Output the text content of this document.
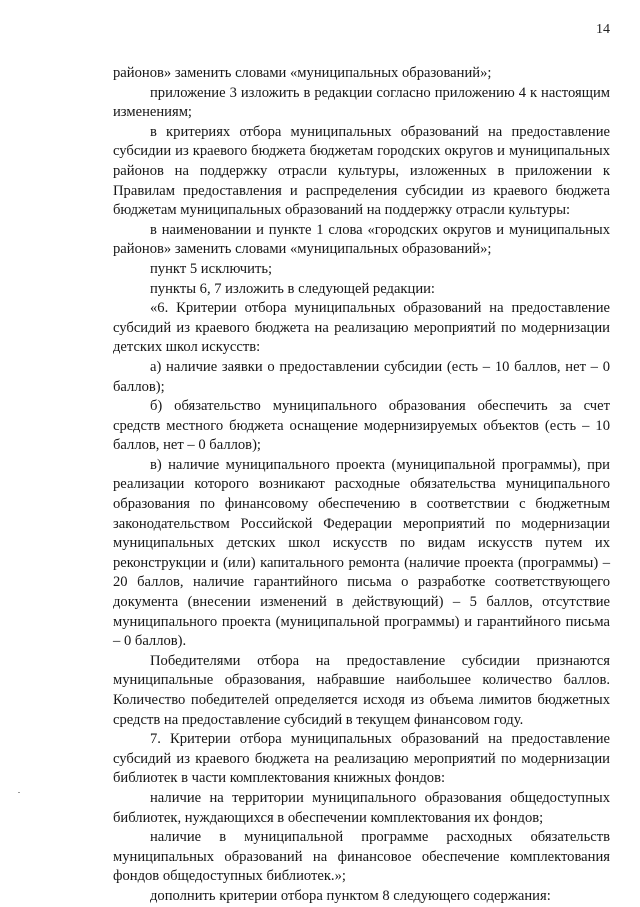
14

районов» заменить словами «муниципальных образований»;

приложение 3 изложить в редакции согласно приложению 4 к настоящим изменениям;

в критериях отбора муниципальных образований на предоставление субсидии из краевого бюджета бюджетам городских округов и муниципальных районов на поддержку отрасли культуры, изложенных в приложении к Правилам предоставления и распределения субсидии из краевого бюджета бюджетам муниципальных образований на поддержку отрасли культуры:

в наименовании и пункте 1 слова «городских округов и муниципальных районов» заменить словами «муниципальных образований»;

пункт 5 исключить;

пункты 6, 7 изложить в следующей редакции:

«6. Критерии отбора муниципальных образований на предоставление субсидий из краевого бюджета на реализацию мероприятий по модернизации детских школ искусств:

а) наличие заявки о предоставлении субсидии (есть – 10 баллов, нет – 0 баллов);

б) обязательство муниципального образования обеспечить за счет средств местного бюджета оснащение модернизируемых объектов (есть – 10 баллов, нет – 0 баллов);

в) наличие муниципального проекта (муниципальной программы), при реализации которого возникают расходные обязательства муниципального образования по финансовому обеспечению в соответствии с бюджетным законодательством Российской Федерации мероприятий по модернизации муниципальных детских школ искусств по видам искусств путем их реконструкции и (или) капитального ремонта (наличие проекта (программы) – 20 баллов, наличие гарантийного письма о разработке соответствующего документа (внесении изменений в действующий) – 5 баллов, отсутствие муниципального проекта (муниципальной программы) и гарантийного письма – 0 баллов).

Победителями отбора на предоставление субсидии признаются муниципальные образования, набравшие наибольшее количество баллов. Количество победителей определяется исходя из объема лимитов бюджетных средств на предоставление субсидий в текущем финансовом году.

7. Критерии отбора муниципальных образований на предоставление субсидий из краевого бюджета на реализацию мероприятий по модернизации библиотек в части комплектования книжных фондов:

наличие на территории муниципального образования общедоступных библиотек, нуждающихся в обеспечении комплектования их фондов;

наличие в муниципальной программе расходных обязательств муниципальных образований на финансовое обеспечение комплектования фондов общедоступных библиотек.»;

дополнить критерии отбора пунктом 8 следующего содержания:
